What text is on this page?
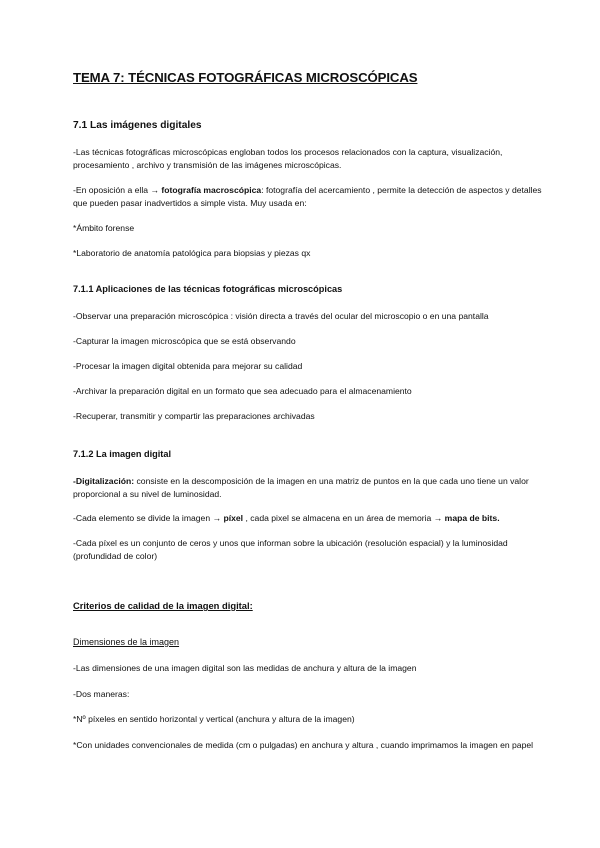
TEMA 7: TÉCNICAS FOTOGRÁFICAS MICROSCÓPICAS
7.1 Las imágenes digitales

-Las técnicas fotográficas microscópicas engloban todos los procesos relacionados con la captura, visualización, procesamiento , archivo y transmisión de las imágenes microscópicas.

-En oposición a ella → fotografía macroscópica: fotografía del acercamiento , permite la detección de aspectos y detalles que pueden pasar inadvertidos a simple vista. Muy usada en:

*Ámbito forense

*Laboratorio de anatomía patológica para biopsias y piezas qx

7.1.1 Aplicaciones de las técnicas fotográficas microscópicas

-Observar una preparación microscópica : visión directa a través del ocular del microscopio o en una pantalla

-Capturar la imagen microscópica que se está observando

-Procesar la imagen digital obtenida para mejorar su calidad

-Archivar la preparación digital en un formato que sea adecuado para el almacenamiento

-Recuperar, transmitir y compartir las preparaciones archivadas

7.1.2 La imagen digital

-Digitalización: consiste en la descomposición de la imagen en una matriz de puntos en la que cada uno tiene un valor proporcional a su nivel de luminosidad.

-Cada elemento se divide la imagen → píxel , cada pixel se almacena en un área de memoria → mapa de bits.

-Cada píxel es un conjunto de ceros y unos que informan sobre la ubicación (resolución espacial) y la luminosidad (profundidad de color)

Criterios de calidad de la imagen digital:
Dimensiones de la imagen

-Las dimensiones de una imagen digital son las medidas de anchura y altura de la imagen

-Dos maneras:

*Nº píxeles en sentido horizontal y vertical (anchura y altura de la imagen)

*Con unidades convencionales de medida (cm o pulgadas) en anchura y altura , cuando imprimamos la imagen en papel
